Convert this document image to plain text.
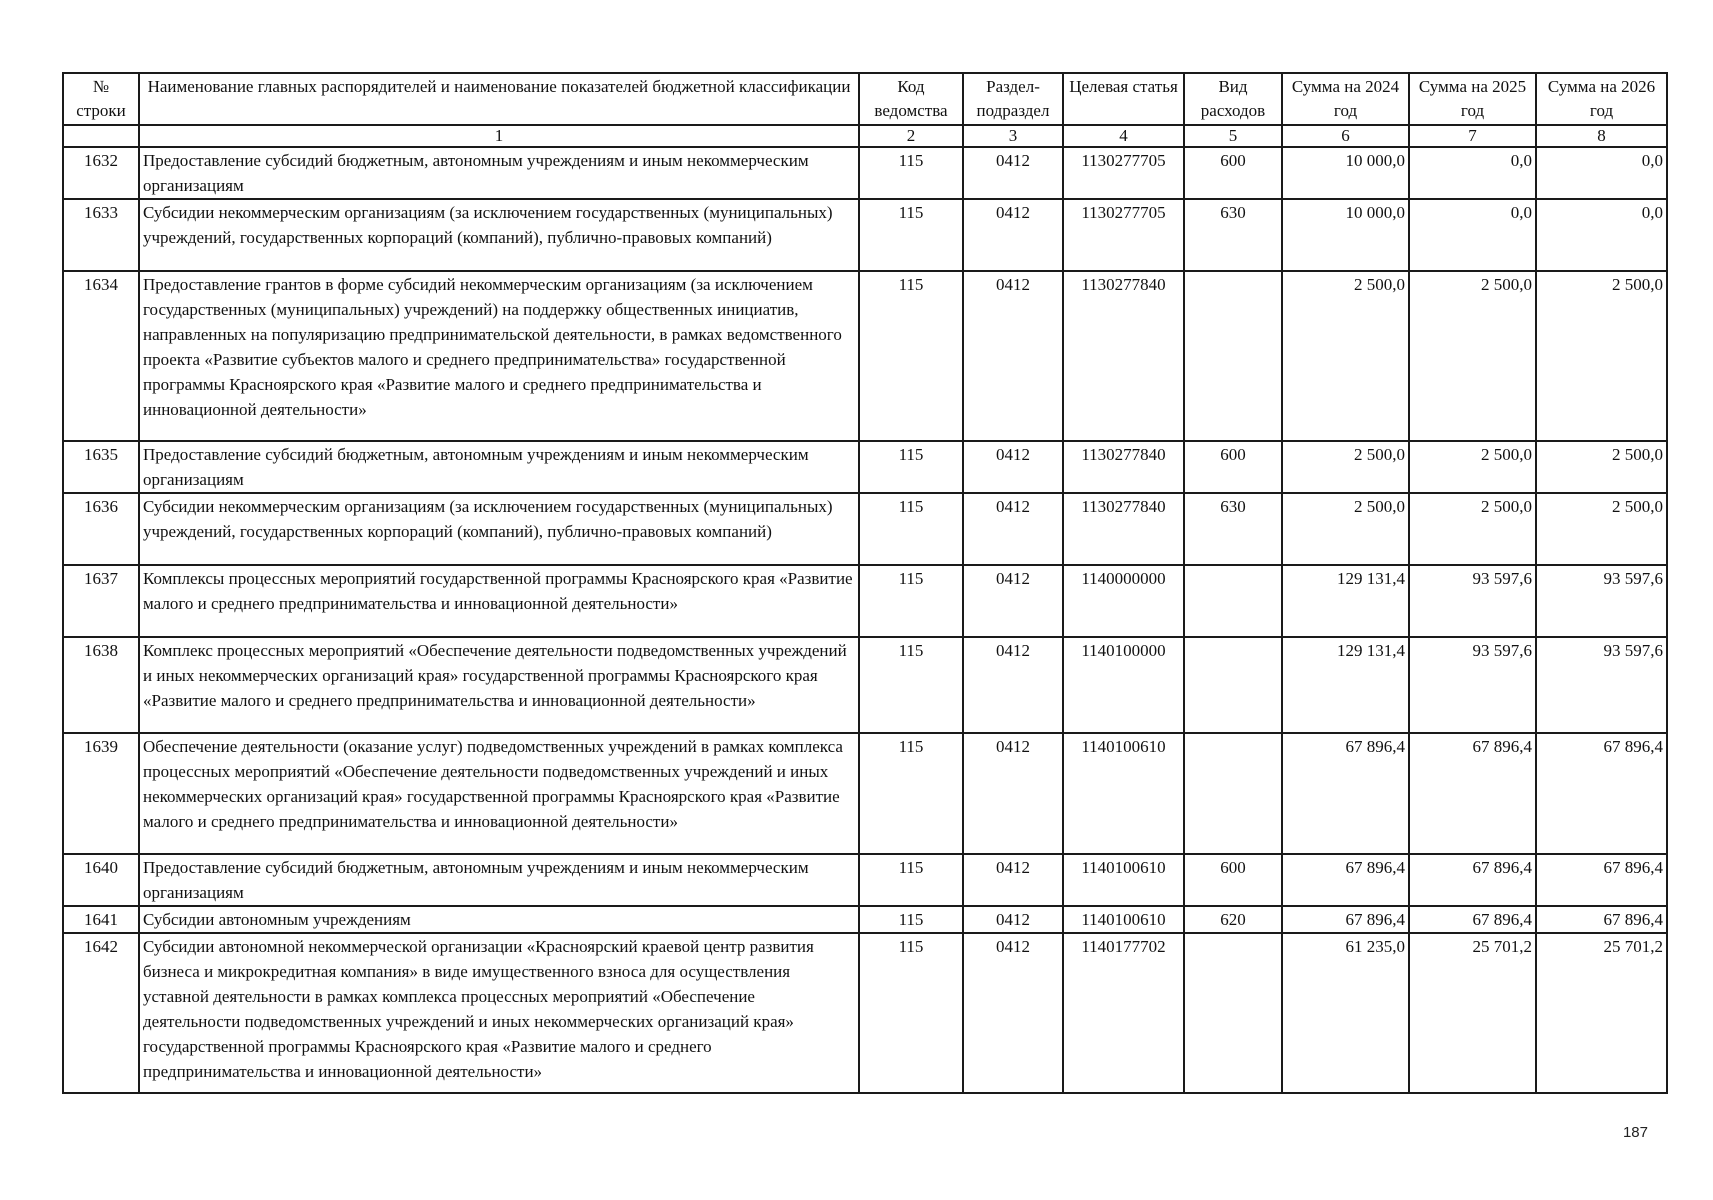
№ строки	Наименование главных распорядителей и наименование показателей бюджетной классификации	Код ведомства	Раздел-подраздел	Целевая статья	Вид расходов	Сумма на 2024 год	Сумма на 2025 год	Сумма на 2026 год
	1	2	3	4	5	6	7	8
1632	Предоставление субсидий бюджетным, автономным учреждениям и иным некоммерческим организациям	115	0412	1130277705	600	10 000,0	0,0	0,0
1633	Субсидии некоммерческим организациям (за исключением государственных (муниципальных) учреждений, государственных корпораций (компаний), публично-правовых компаний)	115	0412	1130277705	630	10 000,0	0,0	0,0
1634	Предоставление грантов в форме субсидий некоммерческим организациям (за исключением государственных (муниципальных) учреждений) на поддержку общественных инициатив, направленных на популяризацию предпринимательской деятельности, в рамках ведомственного проекта «Развитие субъектов малого и среднего предпринимательства» государственной программы Красноярского края «Развитие малого и среднего предпринимательства и инновационной деятельности»	115	0412	1130277840		2 500,0	2 500,0	2 500,0
1635	Предоставление субсидий бюджетным, автономным учреждениям и иным некоммерческим организациям	115	0412	1130277840	600	2 500,0	2 500,0	2 500,0
1636	Субсидии некоммерческим организациям (за исключением государственных (муниципальных) учреждений, государственных корпораций (компаний), публично-правовых компаний)	115	0412	1130277840	630	2 500,0	2 500,0	2 500,0
1637	Комплексы процессных мероприятий государственной программы Красноярского края «Развитие малого и среднего предпринимательства и инновационной деятельности»	115	0412	1140000000		129 131,4	93 597,6	93 597,6
1638	Комплекс процессных мероприятий «Обеспечение деятельности подведомственных учреждений и иных некоммерческих организаций края» государственной программы Красноярского края «Развитие малого и среднего предпринимательства и инновационной деятельности»	115	0412	1140100000		129 131,4	93 597,6	93 597,6
1639	Обеспечение деятельности (оказание услуг) подведомственных учреждений в рамках комплекса процессных мероприятий «Обеспечение деятельности подведомственных учреждений и иных некоммерческих организаций края» государственной программы Красноярского края «Развитие малого и среднего предпринимательства и инновационной деятельности»	115	0412	1140100610		67 896,4	67 896,4	67 896,4
1640	Предоставление субсидий бюджетным, автономным учреждениям и иным некоммерческим организациям	115	0412	1140100610	600	67 896,4	67 896,4	67 896,4
1641	Субсидии автономным учреждениям	115	0412	1140100610	620	67 896,4	67 896,4	67 896,4
1642	Субсидии автономной некоммерческой организации «Красноярский краевой центр развития бизнеса и микрокредитная компания» в виде имущественного взноса для осуществления уставной деятельности в рамках комплекса процессных мероприятий «Обеспечение деятельности подведомственных учреждений и иных некоммерческих организаций края» государственной программы Красноярского края «Развитие малого и среднего предпринимательства и инновационной деятельности»	115	0412	1140177702		61 235,0	25 701,2	25 701,2
187
